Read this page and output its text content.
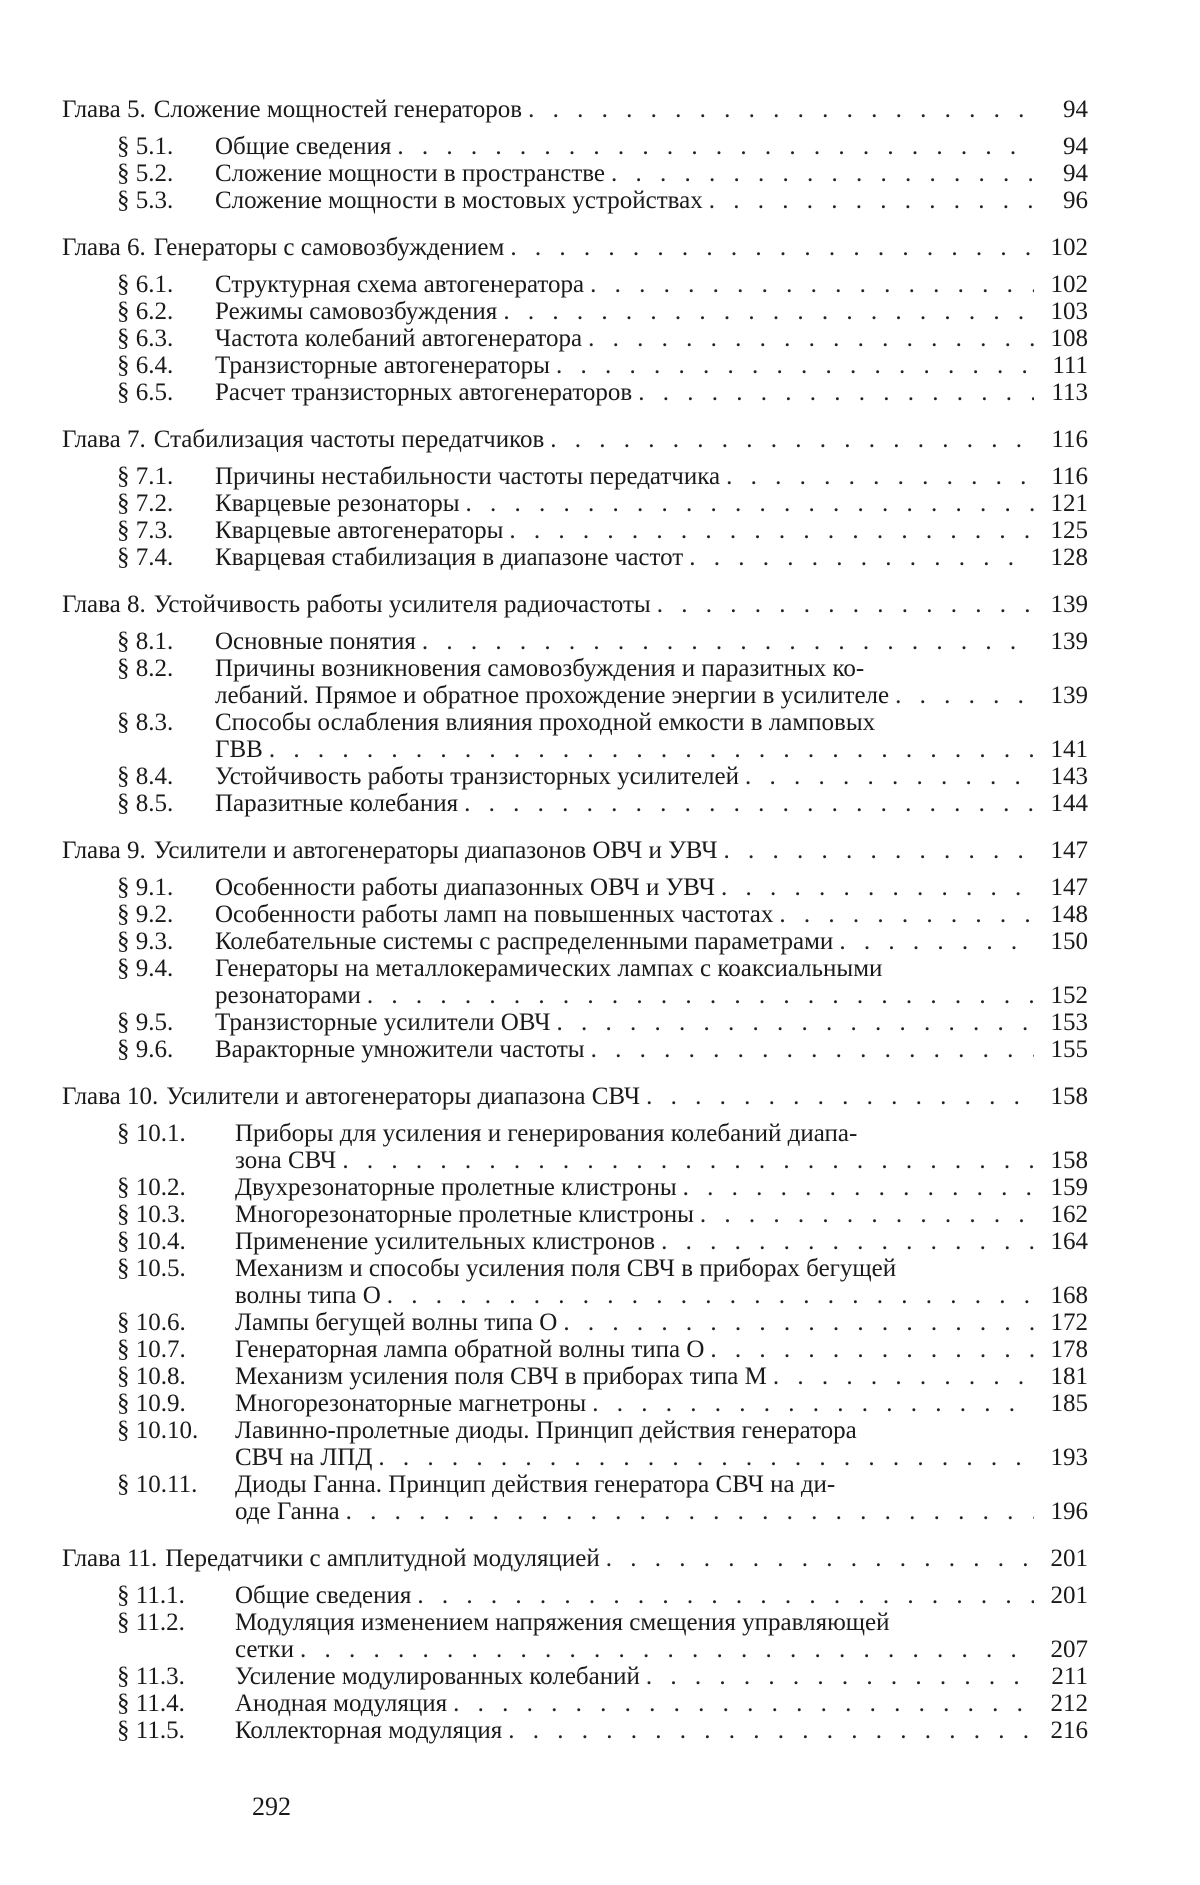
Глава 5. Сложение мощностей генераторов . . .	94
§ 5.1.	Общие сведения . . .	94
§ 5.2.	Сложение мощности в пространстве . . .	94
§ 5.3.	Сложение мощности в мостовых устройствах . . .	96
Глава 6. Генераторы с самовозбуждением . . .	102
§ 6.1.	Структурная схема автогенератора . . .	102
§ 6.2.	Режимы самовозбуждения . . .	103
§ 6.3.	Частота колебаний автогенератора . . .	108
§ 6.4.	Транзисторные автогенераторы . . .	111
§ 6.5.	Расчет транзисторных автогенераторов . . .	113
Глава 7. Стабилизация частоты передатчиков . . .	116
§ 7.1.	Причины нестабильности частоты передатчика . . .	116
§ 7.2.	Кварцевые резонаторы . . .	121
§ 7.3.	Кварцевые автогенераторы . . .	125
§ 7.4.	Кварцевая стабилизация в диапазоне частот . . .	128
Глава 8. Устойчивость работы усилителя радиочастоты . . .	139
§ 8.1.	Основные понятия . . .	139
§ 8.2.	Причины возникновения самовозбуждения и паразитных ко-
лебаний. Прямое и обратное прохождение энергии в усилителе . . .	139
§ 8.3.	Способы ослабления влияния проходной емкости в ламповых
ГВВ . . .	141
§ 8.4.	Устойчивость работы транзисторных усилителей . . .	143
§ 8.5.	Паразитные колебания . . .	144
Глава 9. Усилители и автогенераторы диапазонов ОВЧ и УВЧ . . .	147
§ 9.1.	Особенности работы диапазонных ОВЧ и УВЧ . . .	147
§ 9.2.	Особенности работы ламп на повышенных частотах . . .	148
§ 9.3.	Колебательные системы с распределенными параметрами . . .	150
§ 9.4.	Генераторы на металлокерамических лампах с коаксиальными
резонаторами . . .	152
§ 9.5.	Транзисторные усилители ОВЧ . . .	153
§ 9.6.	Варакторные умножители частоты . . .	155
Глава 10. Усилители и автогенераторы диапазона СВЧ . . .	158
§ 10.1.	Приборы для усиления и генерирования колебаний диапа-
зона СВЧ . . .	158
§ 10.2.	Двухрезонаторные пролетные клистроны . . .	159
§ 10.3.	Многорезонаторные пролетные клистроны . . .	162
§ 10.4.	Применение усилительных клистронов . . .	164
§ 10.5.	Механизм и способы усиления поля СВЧ в приборах бегущей
волны типа О . . .	168
§ 10.6.	Лампы бегущей волны типа О . . .	172
§ 10.7.	Генераторная лампа обратной волны типа О . . .	178
§ 10.8.	Механизм усиления поля СВЧ в приборах типа М . . .	181
§ 10.9.	Многорезонаторные магнетроны . . .	185
§ 10.10.	Лавинно-пролетные диоды. Принцип действия генератора
СВЧ на ЛПД . . .	193
§ 10.11.	Диоды Ганна. Принцип действия генератора СВЧ на ди-
оде Ганна . . .	196
Глава 11. Передатчики с амплитудной модуляцией . . .	201
§ 11.1.	Общие сведения . . .	201
§ 11.2.	Модуляция изменением напряжения смещения управляющей
сетки . . .	207
§ 11.3.	Усиление модулированных колебаний . . .	211
§ 11.4.	Анодная модуляция . . .	212
§ 11.5.	Коллекторная модуляция . . .	216
292
